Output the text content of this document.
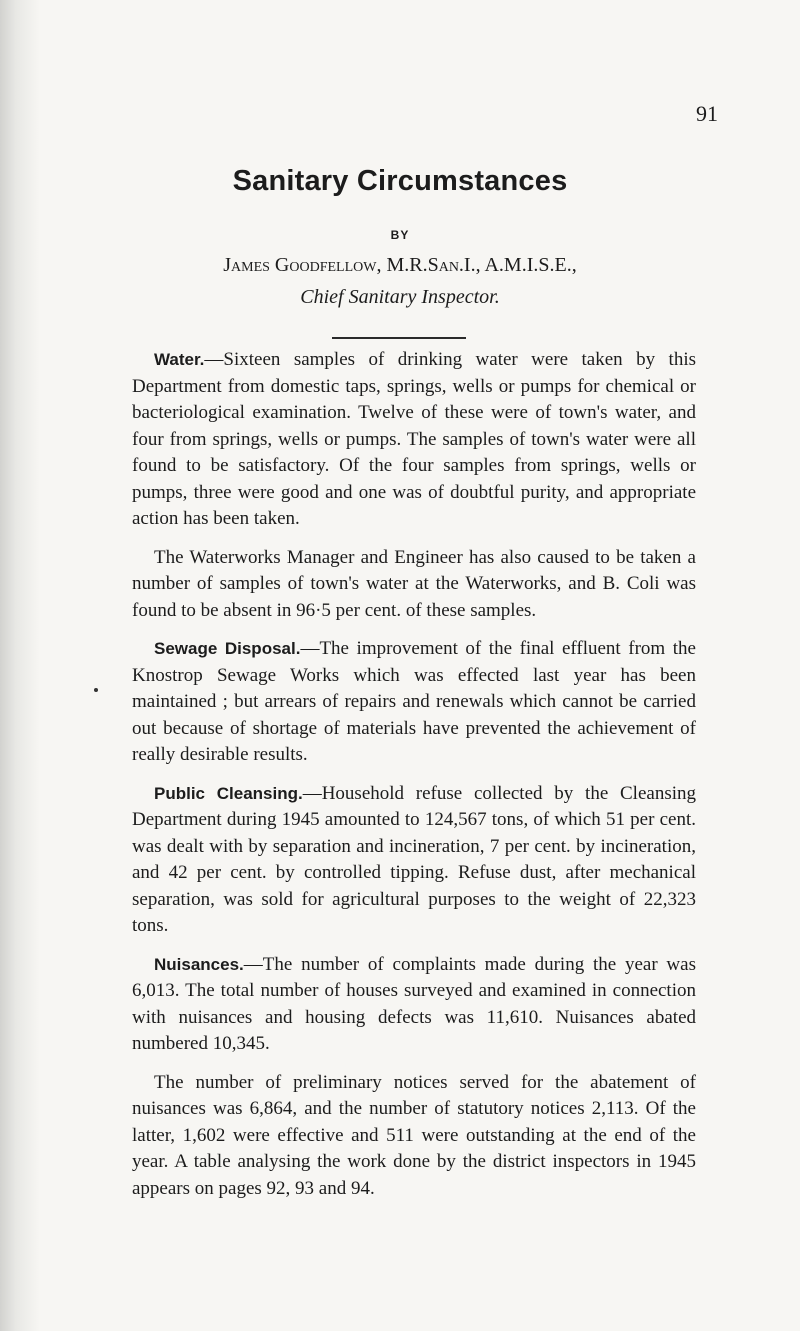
91
Sanitary Circumstances
BY
James Goodfellow, M.R.San.I., A.M.I.S.E.,
Chief Sanitary Inspector.

Water.—Sixteen samples of drinking water were taken by this Department from domestic taps, springs, wells or pumps for chemical or bacteriological examination. Twelve of these were of town's water, and four from springs, wells or pumps. The samples of town's water were all found to be satisfactory. Of the four samples from springs, wells or pumps, three were good and one was of doubtful purity, and appropriate action has been taken.

The Waterworks Manager and Engineer has also caused to be taken a number of samples of town's water at the Waterworks, and B. Coli was found to be absent in 96·5 per cent. of these samples.

Sewage Disposal.—The improvement of the final effluent from the Knostrop Sewage Works which was effected last year has been maintained ; but arrears of repairs and renewals which cannot be carried out because of shortage of materials have prevented the achievement of really desirable results.

Public Cleansing.—Household refuse collected by the Cleansing Department during 1945 amounted to 124,567 tons, of which 51 per cent. was dealt with by separation and incineration, 7 per cent. by incineration, and 42 per cent. by controlled tipping. Refuse dust, after mechanical separation, was sold for agricultural purposes to the weight of 22,323 tons.

Nuisances.—The number of complaints made during the year was 6,013. The total number of houses surveyed and examined in connection with nuisances and housing defects was 11,610. Nuisances abated numbered 10,345.

The number of preliminary notices served for the abatement of nuisances was 6,864, and the number of statutory notices 2,113. Of the latter, 1,602 were effective and 511 were outstanding at the end of the year. A table analysing the work done by the district inspectors in 1945 appears on pages 92, 93 and 94.
